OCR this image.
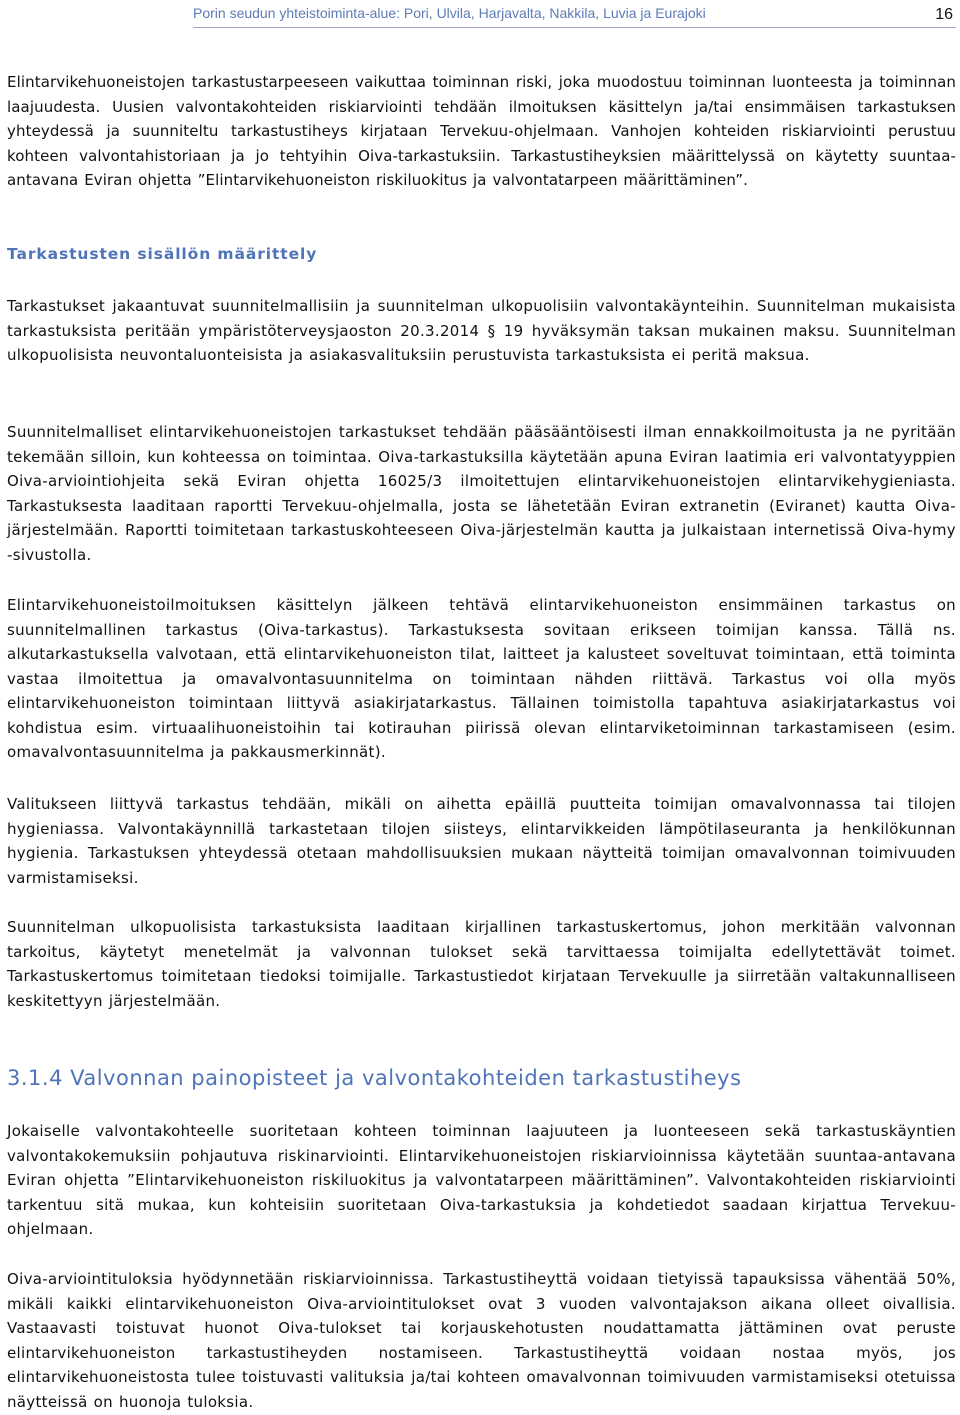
Porin seudun yhteistoiminta-alue: Pori, Ulvila, Harjavalta, Nakkila, Luvia ja Eurajoki	16

Elintarvikehuoneistojen tarkastustarpeeseen vaikuttaa toiminnan riski, joka muodostuu toiminnan luonteesta ja toiminnan laajuudesta. Uusien valvontakohteiden riskiarviointi tehdään ilmoituksen käsittelyn ja/tai ensimmäisen tarkastuksen yhteydessä ja suunniteltu tarkastustiheys kirjataan Tervekuu-ohjelmaan. Vanhojen kohteiden riskiarviointi perustuu kohteen valvontahistoriaan ja jo tehtyihin Oiva-tarkastuksiin. Tarkastustiheyksien määrittelyssä on käytetty suuntaa-antavana Eviran ohjetta ”Elintarvikehuoneiston riskiluokitus ja valvontatarpeen määrittäminen”.

Tarkastusten sisällön määrittely

Tarkastukset jakaantuvat suunnitelmallisiin ja suunnitelman ulkopuolisiin valvontakäynteihin. Suunnitelman mukaisista tarkastuksista peritään ympäristöterveysjaoston 20.3.2014 § 19 hyväksymän taksan mukainen maksu. Suunnitelman ulkopuolisista neuvontaluonteisista ja asiakasvalituksiin perustuvista tarkastuksista ei peritä maksua.

Suunnitelmalliset elintarvikehuoneistojen tarkastukset tehdään pääsääntöisesti ilman ennakkoilmoitusta ja ne pyritään tekemään silloin, kun kohteessa on toimintaa. Oiva-tarkastuksilla käytetään apuna Eviran laatimia eri valvontatyyppien Oiva-arviointiohjeita sekä Eviran ohjetta 16025/3 ilmoitettujen elintarvikehuoneistojen elintarvikehygieniasta. Tarkastuksesta laaditaan raportti Tervekuu-ohjelmalla, josta se lähetetään Eviran extranetin (Eviranet) kautta Oiva-järjestelmään. Raportti toimitetaan tarkastuskohteeseen Oiva-järjestelmän kautta ja julkaistaan internetissä Oiva-hymy -sivustolla.

Elintarvikehuoneistoilmoituksen käsittelyn jälkeen tehtävä elintarvikehuoneiston ensimmäinen tarkastus on suunnitelmallinen tarkastus (Oiva-tarkastus). Tarkastuksesta sovitaan erikseen toimijan kanssa. Tällä ns. alkutarkastuksella valvotaan, että elintarvikehuoneiston tilat, laitteet ja kalusteet soveltuvat toimintaan, että toiminta vastaa ilmoitettua ja omavalvontasuunnitelma on toimintaan nähden riittävä. Tarkastus voi olla myös elintarvikehuoneiston toimintaan liittyvä asiakirjatarkastus. Tällainen toimistolla tapahtuva asiakirjatarkastus voi kohdistua esim. virtuaalihuoneistoihin tai kotirauhan piirissä olevan elintarviketoiminnan tarkastamiseen (esim. omavalvontasuunnitelma ja pakkausmerkinnät).

Valitukseen liittyvä tarkastus tehdään, mikäli on aihetta epäillä puutteita toimijan omavalvonnassa tai tilojen hygieniassa. Valvontakäynnillä tarkastetaan tilojen siisteys, elintarvikkeiden lämpötilaseuranta ja henkilökunnan hygienia. Tarkastuksen yhteydessä otetaan mahdollisuuksien mukaan näytteitä toimijan omavalvonnan toimivuuden varmistamiseksi.

Suunnitelman ulkopuolisista tarkastuksista laaditaan kirjallinen tarkastuskertomus, johon merkitään valvonnan tarkoitus, käytetyt menetelmät ja valvonnan tulokset sekä tarvittaessa toimijalta edellytettävät toimet. Tarkastuskertomus toimitetaan tiedoksi toimijalle. Tarkastustiedot kirjataan Tervekuulle ja siirretään valtakunnalliseen keskitettyyn järjestelmään.

3.1.4 Valvonnan painopisteet ja valvontakohteiden tarkastustiheys

Jokaiselle valvontakohteelle suoritetaan kohteen toiminnan laajuuteen ja luonteeseen sekä tarkastuskäyntien valvontakokemuksiin pohjautuva riskinarviointi. Elintarvikehuoneistojen riskiarvioinnissa käytetään suuntaa-antavana Eviran ohjetta ”Elintarvikehuoneiston riskiluokitus ja valvontatarpeen määrittäminen”. Valvontakohteiden riskiarviointi tarkentuu sitä mukaa, kun kohteisiin suoritetaan Oiva-tarkastuksia ja kohdetiedot saadaan kirjattua Tervekuu-ohjelmaan.

Oiva-arviointituloksia hyödynnetään riskiarvioinnissa. Tarkastustiheyttä voidaan tietyissä tapauksissa vähentää 50%, mikäli kaikki elintarvikehuoneiston Oiva-arviointitulokset ovat 3 vuoden valvontajakson aikana olleet oivallisia. Vastaavasti toistuvat huonot Oiva-tulokset tai korjauskehotusten noudattamatta jättäminen ovat peruste elintarvikehuoneiston tarkastustiheyden nostamiseen. Tarkastustiheyttä voidaan nostaa myös, jos elintarvikehuoneistosta tulee toistuvasti valituksia ja/tai kohteen omavalvonnan toimivuuden varmistamiseksi otetuissa näytteissä on huonoja tuloksia.
